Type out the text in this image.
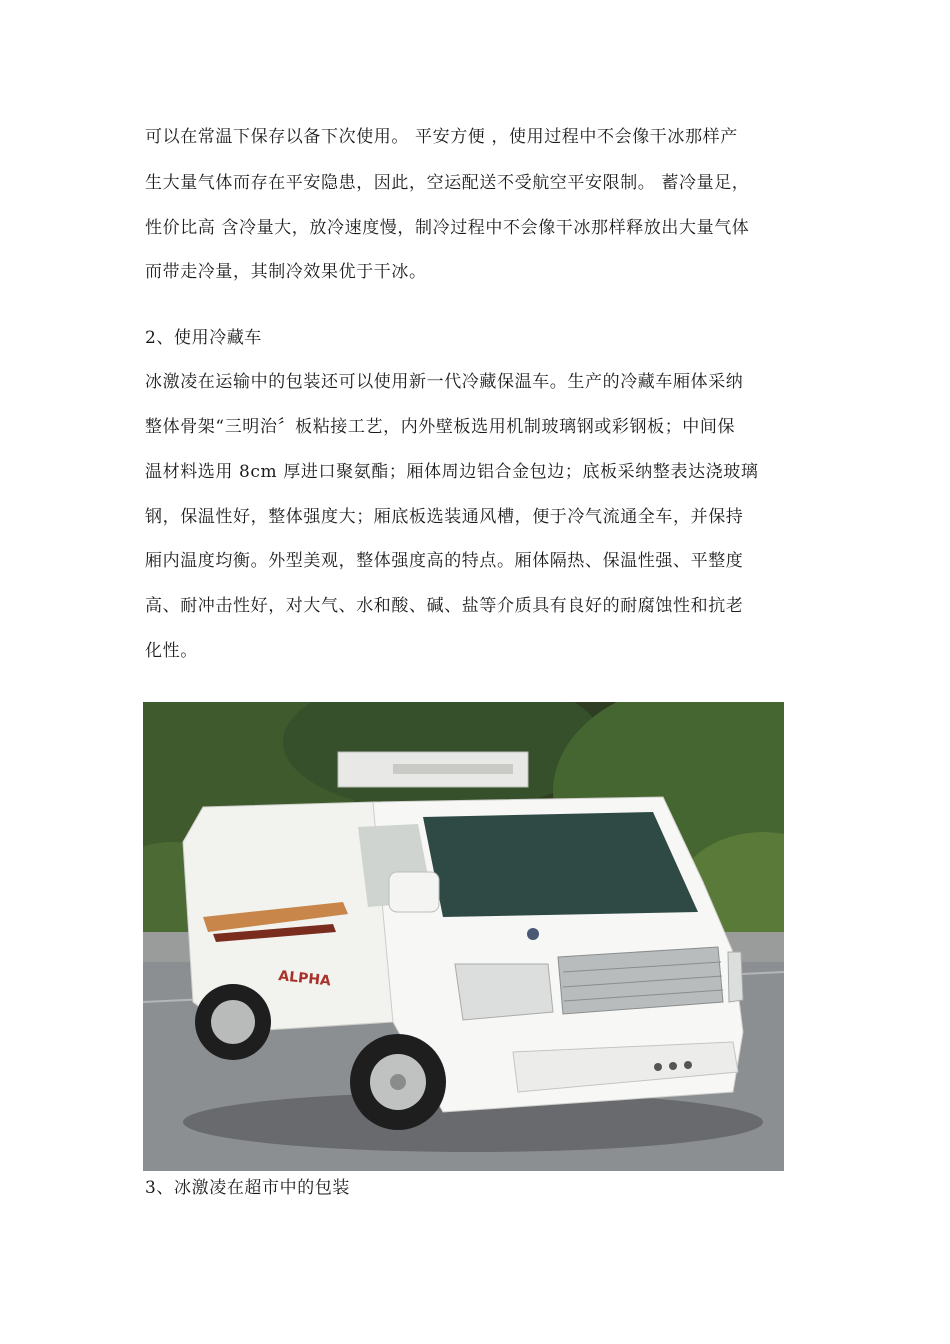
可以在常温下保存以备下次使用。 平安方便 ，使用过程中不会像干冰那样产
生大量气体而存在平安隐患，因此，空运配送不受航空平安限制。 蓄冷量足，
性价比高 含冷量大，放冷速度慢，制冷过程中不会像干冰那样释放出大量气体
而带走冷量，其制冷效果优于干冰。
2、使用冷藏车
冰激凌在运输中的包装还可以使用新一代冷藏保温车。生产的冷藏车厢体采纳
整体骨架“三明治〞板粘接工艺，内外壁板选用机制玻璃钢或彩钢板；中间保
温材料选用 8cm 厚进口聚氨酯；厢体周边铝合金包边；底板采纳整表达浇玻璃
钢，保温性好，整体强度大；厢底板选装通风槽，便于冷气流通全车，并保持
厢内温度均衡。外型美观，整体强度高的特点。厢体隔热、保温性强、平整度
高、耐冲击性好，对大气、水和酸、碱、盐等介质具有良好的耐腐蚀性和抗老
化性。
ALPHA
3、冰激凌在超市中的包装
